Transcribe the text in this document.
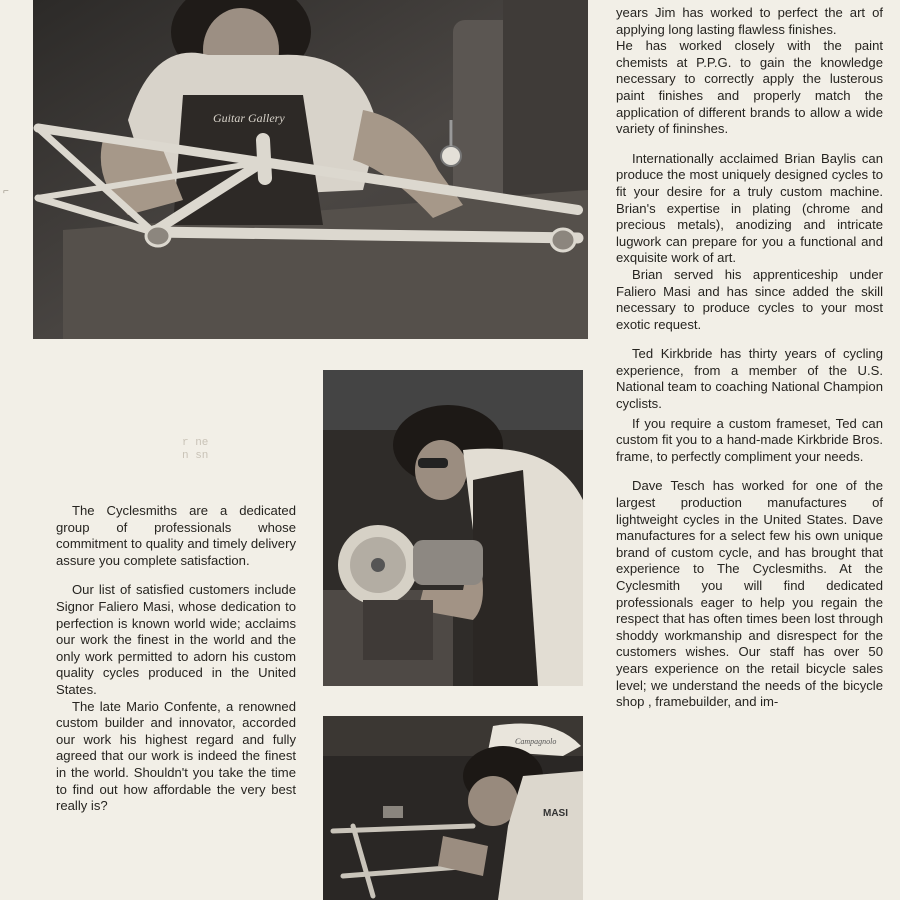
Guitar Gallery
Campagnolo
MASI
r ne
n sn
⌐

The Cyclesmiths are a dedicated group of professionals whose commitment to quality and timely delivery assure you complete satisfaction.

Our list of satisfied customers include Signor Faliero Masi, whose dedication to perfection is known world wide; acclaims our work the finest in the world and the only work permitted to adorn his custom quality cycles produced in the United States.

The late Mario Confente, a renowned custom builder and innovator, accorded our work his highest regard and fully agreed that our work is indeed the finest in the world. Shouldn't you take the time to find out how affordable the very best really is?

years Jim has worked to perfect the art of applying long lasting flawless finishes.

He has worked closely with the paint chemists at P.P.G. to gain the knowledge necessary to correctly apply the lusterous paint finishes and properly match the application of different brands to allow a wide variety of fininshes.

Internationally acclaimed Brian Baylis can produce the most uniquely designed cycles to fit your desire for a truly custom machine. Brian's expertise in plating (chrome and precious metals), anodizing and intricate lugwork can prepare for you a functional and exquisite work of art.

Brian served his apprenticeship under Faliero Masi and has since added the skill necessary to produce cycles to your most exotic request.

Ted Kirkbride has thirty years of cycling experience, from a member of the U.S. National team to coaching National Champion cyclists.

If you require a custom frameset, Ted can custom fit you to a hand-made Kirkbride Bros. frame, to perfectly compliment your needs.

Dave Tesch has worked for one of the largest production manufactures of lightweight cycles in the United States. Dave manufactures for a select few his own unique brand of custom cycle, and has brought that experience to The Cyclesmiths. At the Cyclesmith you will find dedicated professionals eager to help you regain the respect that has often times been lost through shoddy workmanship and disrespect for the customers wishes. Our staff has over 50 years experience on the retail bicycle sales level; we understand the needs of the bicycle shop , framebuilder, and im-
